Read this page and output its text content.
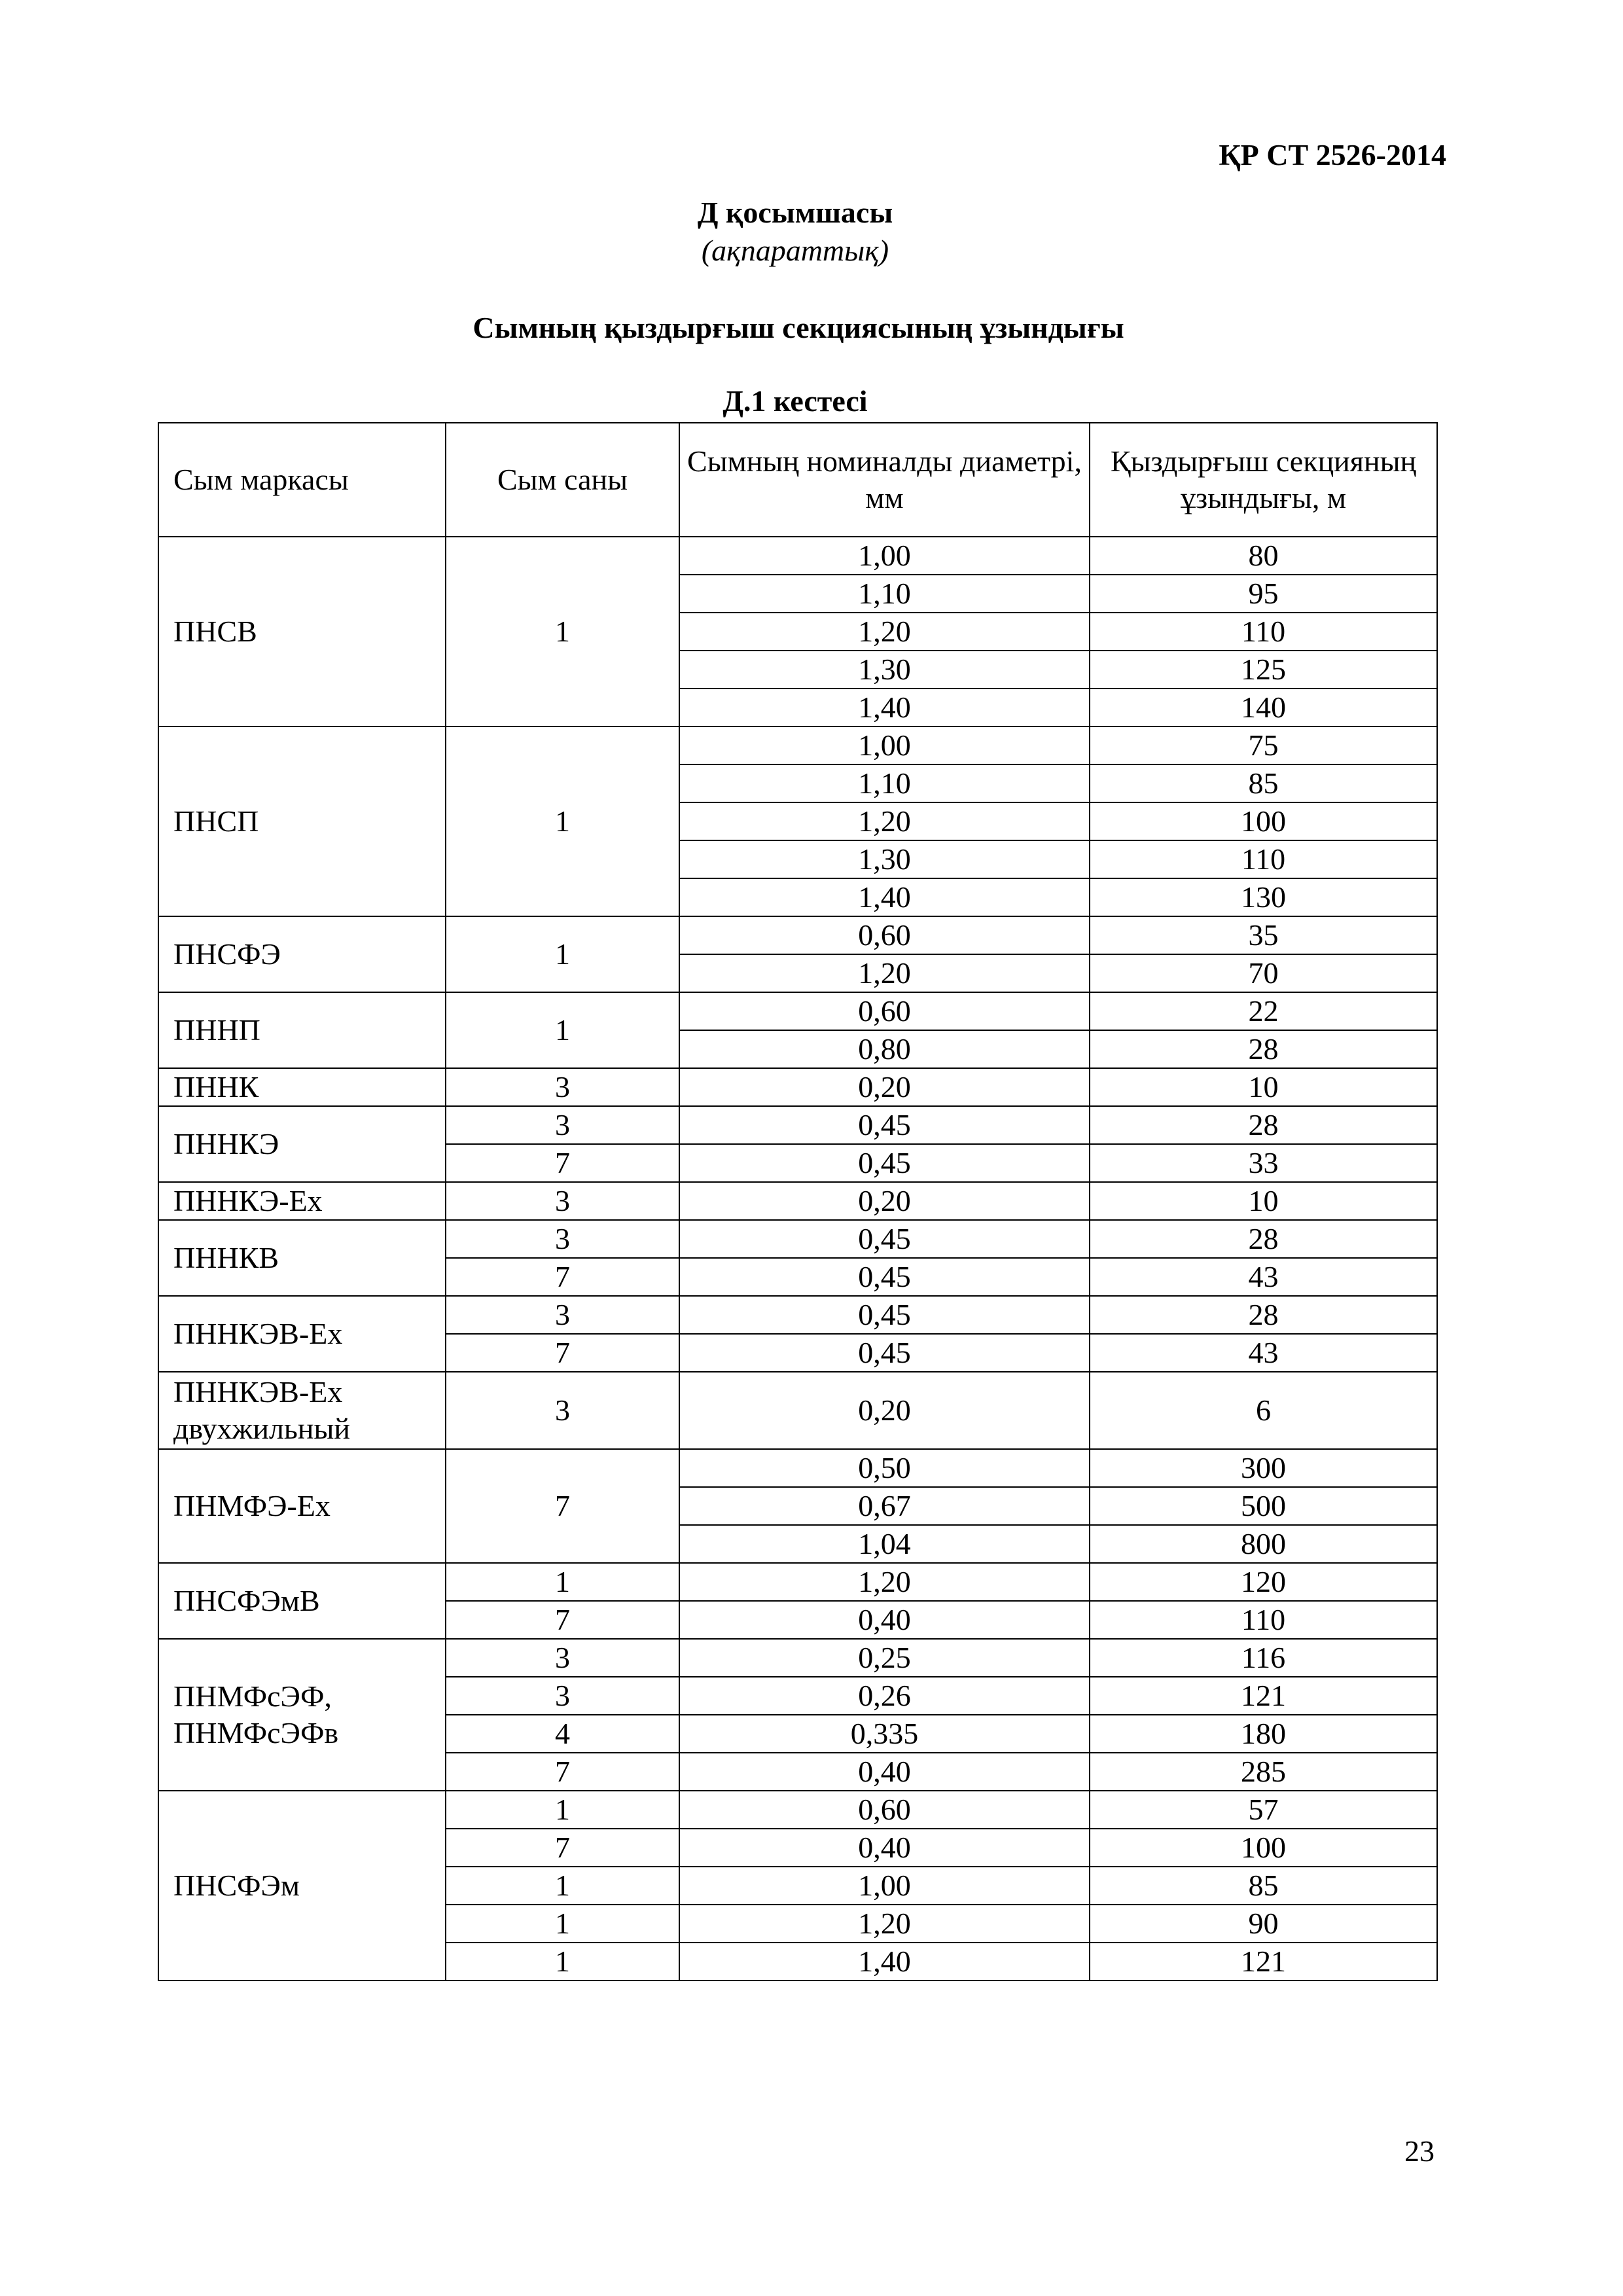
ҚР СТ 2526-2014
Д қосымшасы
(ақпараттық)
Сымның қыздырғыш секциясының ұзындығы
Д.1 кестесі
Сым маркасы	Сым саны	Сымның номиналды диаметрі, мм	Қыздырғыш секцияның ұзындығы, м
ПНСВ	1	1,00	80
		1,10	95
		1,20	110
		1,30	125
		1,40	140
ПНСП	1	1,00	75
		1,10	85
		1,20	100
		1,30	110
		1,40	130
ПНСФЭ	1	0,60	35
		1,20	70
ПННП	1	0,60	22
		0,80	28
ПННК	3	0,20	10
ПННКЭ	3	0,45	28
	7	0,45	33
ПННКЭ-Ех	3	0,20	10
ПННКВ	3	0,45	28
	7	0,45	43
ПННКЭВ-Ех	3	0,45	28
	7	0,45	43
ПННКЭВ-Ех двухжильный	3	0,20	6
ПНМФЭ-Ех	7	0,50	300
		0,67	500
		1,04	800
ПНСФЭмВ	1	1,20	120
	7	0,40	110
ПНМФсЭФ, ПНМФсЭФв	3	0,25	116
	3	0,26	121
	4	0,335	180
	7	0,40	285
ПНСФЭм	1	0,60	57
	7	0,40	100
	1	1,00	85
	1	1,20	90
	1	1,40	121
23
